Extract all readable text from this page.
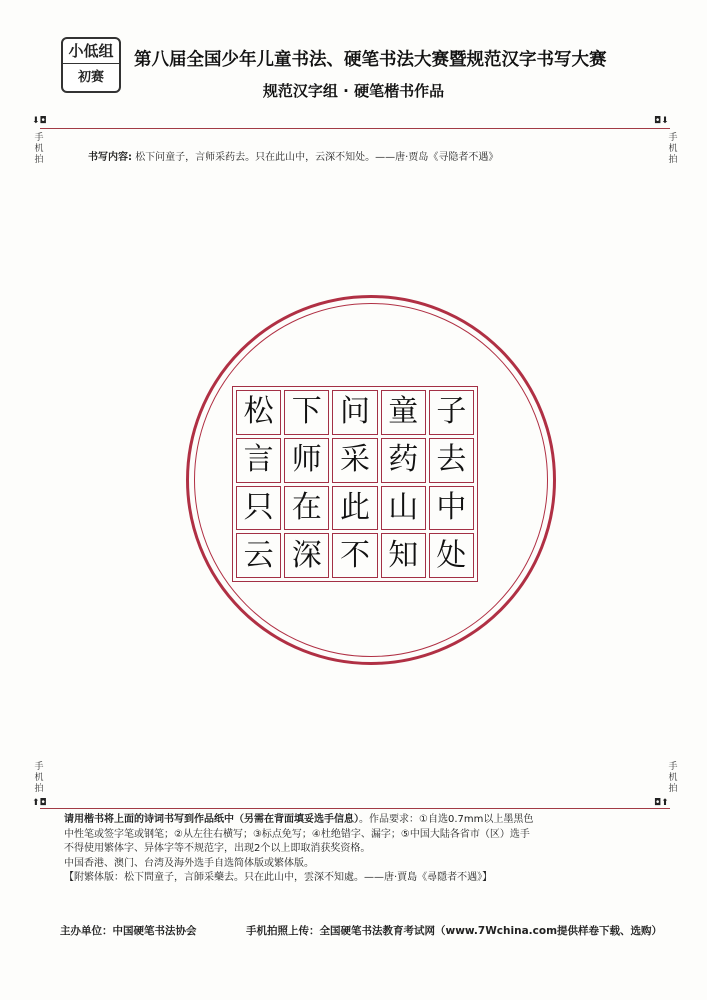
小低组
初赛
第八届全国少年儿童书法、硬笔书法大赛暨规范汉字书写大赛
规范汉字组 · 硬笔楷书作品
⬇◘	◘⬇
手机拍
手机拍
书写内容: 松下问童子，言师采药去。只在此山中，云深不知处。——唐·贾岛《寻隐者不遇》
松 下 问 童 子
言 师 采 药 去
只 在 此 山 中
云 深 不 知 处
手机拍
手机拍
⬆◘	◘⬆
请用楷书将上面的诗词书写到作品纸中（另需在背面填妥选手信息）。作品要求：①自选0.7mm以上墨黑色
中性笔或签字笔或钢笔；②从左往右横写；③标点免写；④杜绝错字、漏字；⑤中国大陆各省市（区）选手
不得使用繁体字、异体字等不规范字，出现2个以上即取消获奖资格。
中国香港、澳门、台湾及海外选手自选简体版或繁体版。
【附繁体版：松下問童子，言師采藥去。只在此山中，雲深不知處。——唐·賈島《尋隱者不遇》】
主办单位：中国硬笔书法协会	手机拍照上传：全国硬笔书法教育考试网（www.7Wchina.com提供样卷下载、选购）
